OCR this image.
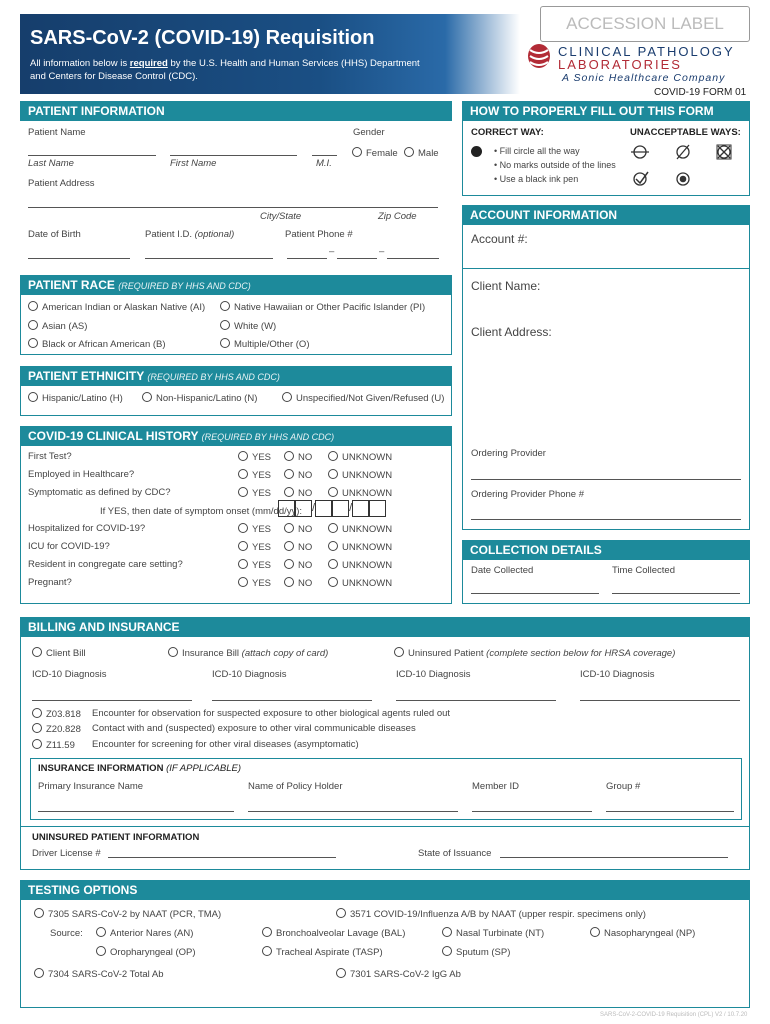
SARS-CoV-2 (COVID-19) Requisition
All information below is required by the U.S. Health and Human Services (HHS) Department
and Centers for Disease Control (CDC).
ACCESSION LABEL
CLINICAL PATHOLOGY
LABORATORIES
A Sonic Healthcare Company
COVID-19 FORM 01
PATIENT INFORMATION
Patient Name	Gender
Female	Male
Last Name	First Name	M.I.
Patient Address
City/State	Zip Code
Date of Birth	Patient I.D. (optional)	Patient Phone #
–	–
HOW TO PROPERLY FILL OUT THIS FORM
CORRECT WAY:	UNACCEPTABLE WAYS:
• Fill circle all the way
• No marks outside of the lines
• Use a black ink pen
ACCOUNT INFORMATION
Account #:
Client Name:
Client Address:
Ordering Provider
Ordering Provider Phone #
PATIENT RACE (REQUIRED BY HHS AND CDC)
American Indian or Alaskan Native (AI)	Native Hawaiian or Other Pacific Islander (PI)
Asian (AS)	White (W)
Black or African American (B)	Multiple/Other (O)
PATIENT ETHNICITY (REQUIRED BY HHS AND CDC)
Hispanic/Latino (H)	Non-Hispanic/Latino (N)	Unspecified/Not Given/Refused (U)
COVID-19 CLINICAL HISTORY (REQUIRED BY HHS AND CDC)
First Test?	YES	NO	UNKNOWN
Employed in Healthcare?	YES	NO	UNKNOWN
Symptomatic as defined by CDC?	YES	NO	UNKNOWN
Hospitalized for COVID-19?	YES	NO	UNKNOWN
ICU for COVID-19?	YES	NO	UNKNOWN
Resident in congregate care setting?	YES	NO	UNKNOWN
Pregnant?	YES	NO	UNKNOWN
If YES, then date of symptom onset (mm/dd/yy): /	/
COLLECTION DETAILS
Date Collected	Time Collected
BILLING AND INSURANCE
Client Bill	Insurance Bill (attach copy of card)	Uninsured Patient (complete section below for HRSA coverage)
ICD-10 Diagnosis	ICD-10 Diagnosis	ICD-10 Diagnosis	ICD-10 Diagnosis
Z03.818 Encounter for observation for suspected exposure to other biological agents ruled out
Z20.828 Contact with and (suspected) exposure to other viral communicable diseases
Z11.59 Encounter for screening for other viral diseases (asymptomatic)
INSURANCE INFORMATION (IF APPLICABLE)
Primary Insurance Name	Name of Policy Holder	Member ID	Group #
UNINSURED PATIENT INFORMATION
Driver License #	State of Issuance
TESTING OPTIONS
7305 SARS-CoV-2 by NAAT (PCR, TMA)	3571 COVID-19/Influenza A/B by NAAT (upper respir. specimens only)
Source:	Anterior Nares (AN)	Bronchoalveolar Lavage (BAL)	Nasal Turbinate (NT)	Nasopharyngeal (NP)
Oropharyngeal (OP)	Tracheal Aspirate (TASP)	Sputum (SP)
7304 SARS-CoV-2 Total Ab	7301 SARS-CoV-2 IgG Ab
SARS-CoV-2-COVID-19 Requisition (CPL) V2 / 10.7.20
